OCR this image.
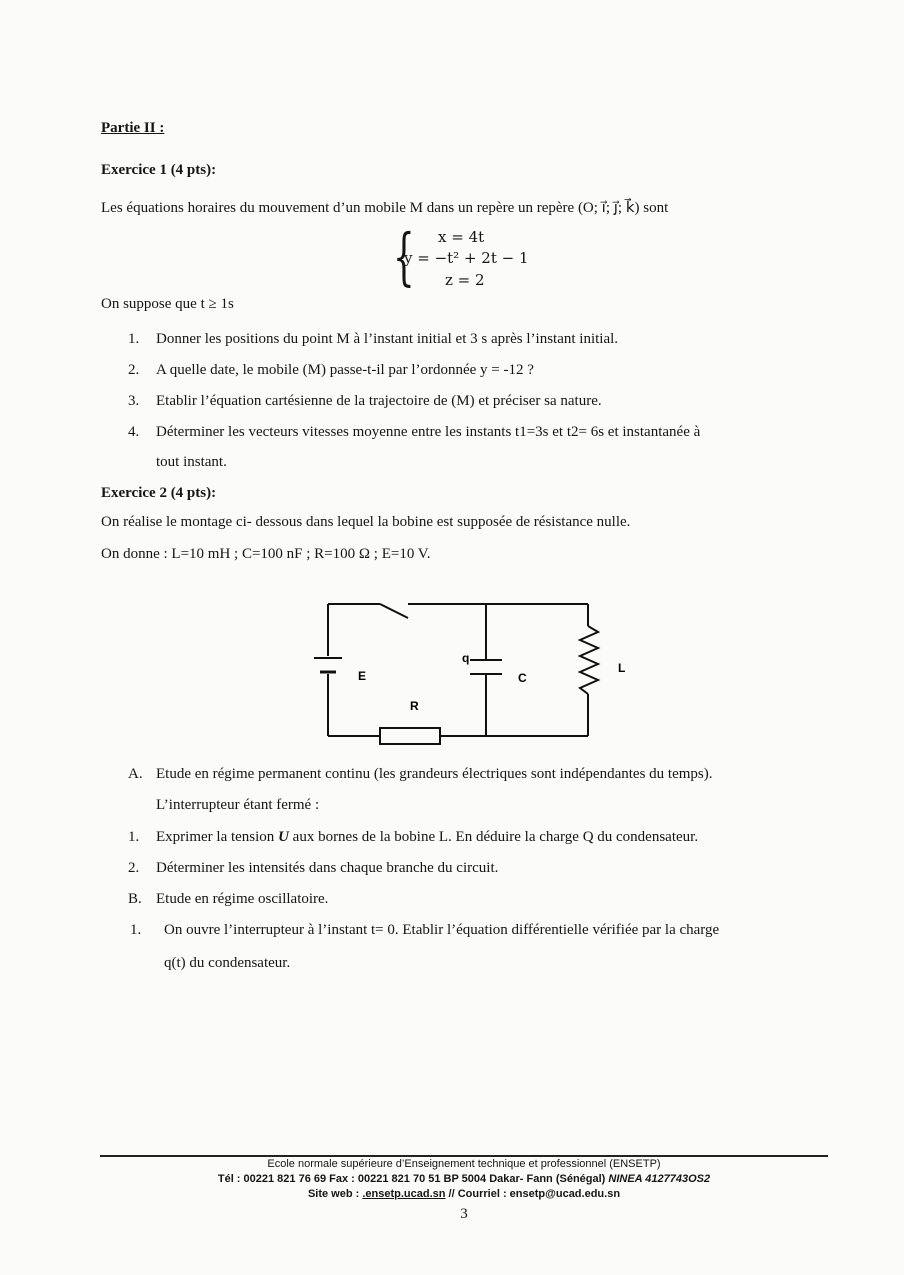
Partie II :
Exercice 1 (4 pts):
Les équations horaires du mouvement d’un mobile M dans un repère un repère (O; i⃗; j⃗; k⃗) sont
{ x = 4t
y = −t² + 2t − 1
z = 2
On suppose que t ≥ 1s
1. Donner les positions du point M à l’instant initial et 3 s après l’instant initial.
2. A quelle date, le mobile (M) passe-t-il par l’ordonnée y = -12 ?
3. Etablir l’équation cartésienne de la trajectoire de (M) et préciser sa nature.
4. Déterminer les vecteurs vitesses moyenne entre les instants t1=3s et t2= 6s et instantanée à
tout instant.
Exercice 2 (4 pts):
On réalise le montage ci- dessous dans lequel la bobine est supposée de résistance nulle.
On donne : L=10 mH ; C=100 nF ; R=100 Ω ; E=10 V.
E
q
C
L
R
A. Etude en régime permanent continu (les grandeurs électriques sont indépendantes du temps).
L’interrupteur étant fermé :
1. Exprimer la tension U aux bornes de la bobine L. En déduire la charge Q du condensateur.
2. Déterminer les intensités dans chaque branche du circuit.
B. Etude en régime oscillatoire.
1. On ouvre l’interrupteur à l’instant t= 0. Etablir l’équation différentielle vérifiée par la charge
q(t) du condensateur.
Ecole normale supérieure d’Enseignement technique et professionnel (ENSETP)
Tél : 00221 821 76 69 Fax : 00221 821 70 51 BP 5004 Dakar- Fann (Sénégal) NINEA 4127743OS2
Site web : .ensetp.ucad.sn // Courriel : ensetp@ucad.edu.sn
3
